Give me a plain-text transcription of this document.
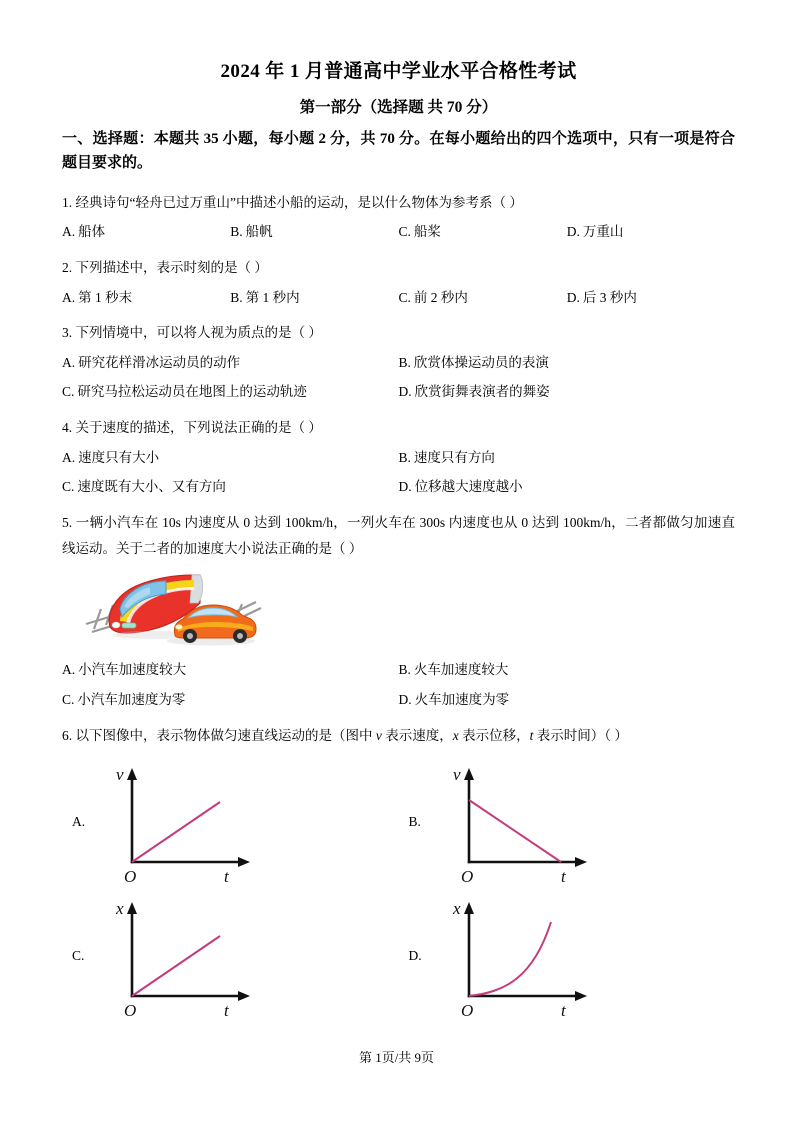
2024 年 1 月普通高中学业水平合格性考试
第一部分（选择题 共 70 分）
一、选择题：本题共 35 小题，每小题 2 分，共 70 分。在每小题给出的四个选项中，只有一项是符合题目要求的。
1. 经典诗句“轻舟已过万重山”中描述小船的运动，是以什么物体为参考系（ ）
A. 船体	B. 船帆	C. 船桨	D. 万重山
2. 下列描述中，表示时刻的是（ ）
A. 第 1 秒末	B. 第 1 秒内	C. 前 2 秒内	D. 后 3 秒内
3. 下列情境中，可以将人视为质点的是（ ）
A. 研究花样滑冰运动员的动作	B. 欣赏体操运动员的表演
C. 研究马拉松运动员在地图上的运动轨迹	D. 欣赏街舞表演者的舞姿
4. 关于速度的描述，下列说法正确的是（ ）
A. 速度只有大小	B. 速度只有方向
C. 速度既有大小、又有方向	D. 位移越大速度越小
5. 一辆小汽车在 10s 内速度从 0 达到 100km/h，一列火车在 300s 内速度也从 0 达到 100km/h，二者都做匀加速直线运动。关于二者的加速度大小说法正确的是（ ）
A. 小汽车加速度较大	B. 火车加速度较大
C. 小汽车加速度为零	D. 火车加速度为零
6. 以下图像中，表示物体做匀速直线运动的是（图中 v 表示速度，x 表示位移，t 表示时间）（ ）
A.
v
O	t
B.
v
O	t
C.
x
O	t
D.
x
O	t
第 1页/共 9页
